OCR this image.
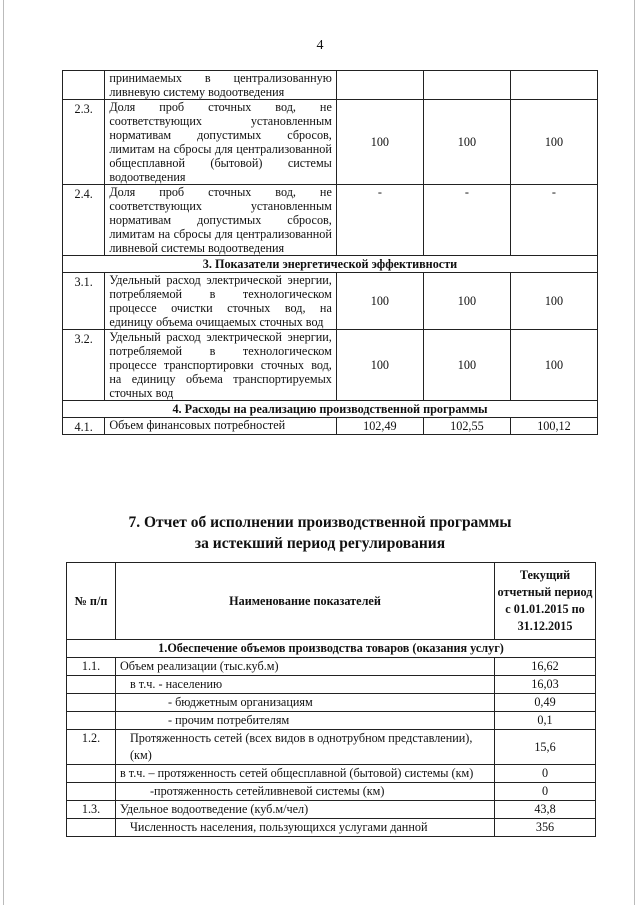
4
	принимаемых в централизованную ливневую систему водоотведения			
2.3.	Доля проб сточных вод, не соответствующих установленным нормативам допустимых сбросов, лимитам на сбросы для централизованной общесплавной (бытовой) системы водоотведения	100	100	100
2.4.	Доля проб сточных вод, не соответствующих установленным нормативам допустимых сбросов, лимитам на сбросы для централизованной ливневой системы водоотведения	-	-	-
3. Показатели энергетической эффективности				
3.1.	Удельный расход электрической энергии, потребляемой в технологическом процессе очистки сточных вод, на единицу объема очищаемых сточных вод	100	100	100
3.2.	Удельный расход электрической энергии, потребляемой в технологическом процессе транспортировки сточных вод, на единицу объема транспортируемых сточных вод	100	100	100
4. Расходы на реализацию производственной программы				
4.1.	Объем финансовых потребностей	102,49	102,55	100,12
7. Отчет об исполнении производственной программы
за истекший период регулирования
№ п/п	Наименование показателей	Текущий отчетный период с 01.01.2015 по 31.12.2015
1.Обеспечение объемов производства товаров (оказания услуг)		
1.1.	Объем реализации (тыс.куб.м)	16,62
	в т.ч. - населению	16,03
	- бюджетным организациям	0,49
	- прочим потребителям	0,1
1.2.	Протяженность сетей (всех видов в однотрубном представлении), (км)	15,6
	в т.ч. – протяженность сетей общесплавной (бытовой) системы (км)	0
	-протяженность сетейливневой системы (км)	0
1.3.	Удельное водоотведение (куб.м/чел)	43,8
	Численность населения, пользующихся услугами данной	356
